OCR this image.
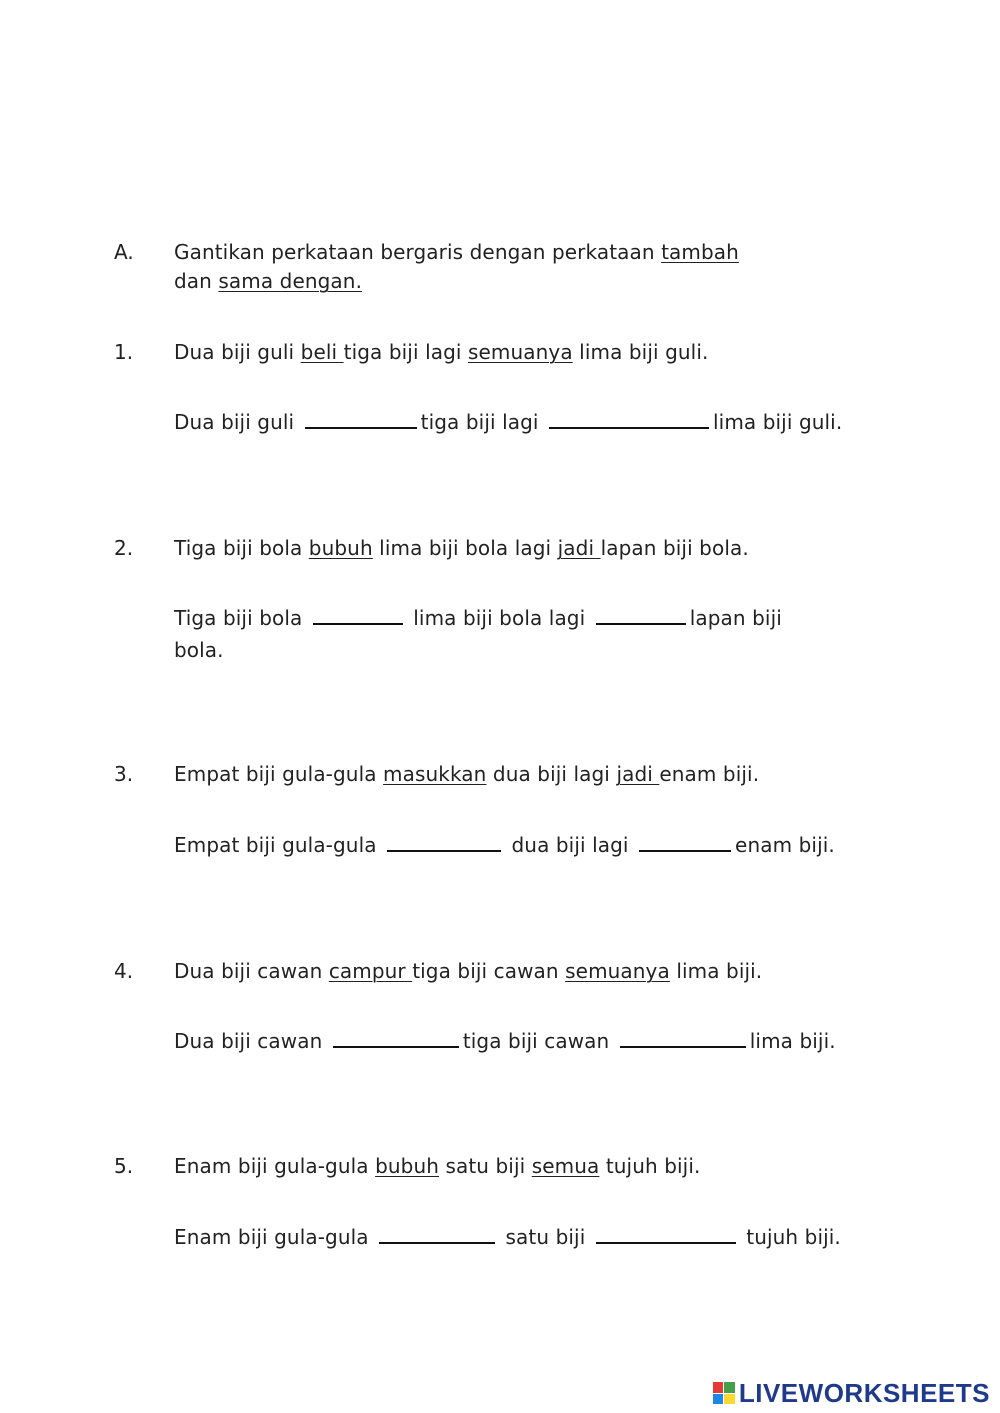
A. Gantikan perkataan bergaris dengan perkataan tambah
dan sama dengan.
1. Dua biji guli beli tiga biji lagi semuanya lima biji guli.
Dua biji guli	tiga biji lagi	lima biji guli.
2. Tiga biji bola bubuh lima biji bola lagi jadi lapan biji bola.
Tiga biji bola	lima biji bola lagi	lapan biji
bola.
3. Empat biji gula-gula masukkan dua biji lagi jadi enam biji.
Empat biji gula-gula	dua biji lagi	enam biji.
4. Dua biji cawan campur tiga biji cawan semuanya lima biji.
Dua biji cawan	tiga biji cawan	lima biji.
5. Enam biji gula-gula bubuh satu biji semua tujuh biji.
Enam biji gula-gula	satu biji	tujuh biji.
LIVEWORKSHEETS
